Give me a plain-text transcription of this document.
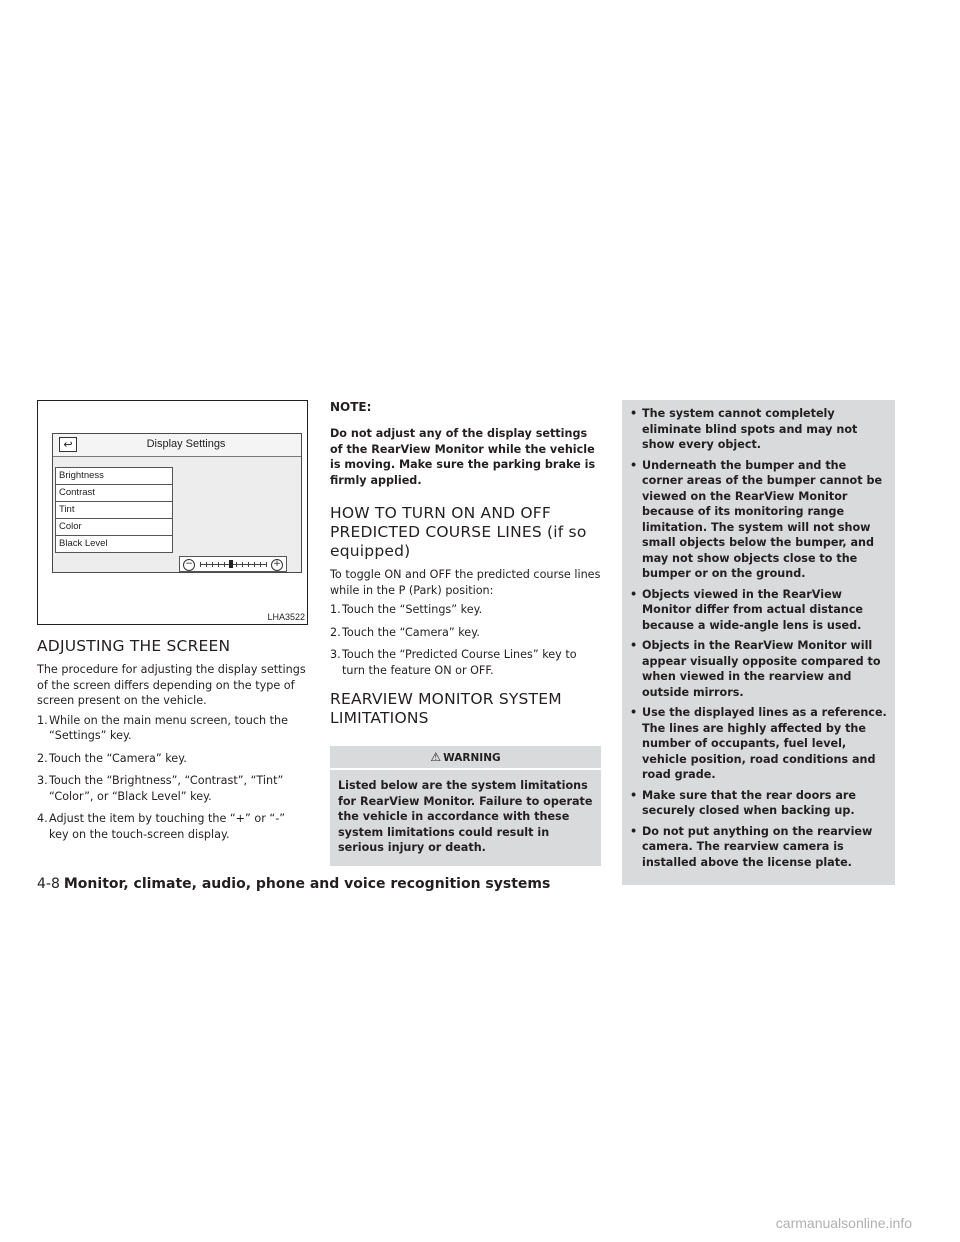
↩	Display Settings
Brightness
Contrast
Tint
Color
Black Level
−	+
LHA3522
ADJUSTING THE SCREEN

The procedure for adjusting the display settings of the screen differs depending on the type of screen present on the vehicle.

1. While on the main menu screen, touch the “Settings” key.
2. Touch the “Camera” key.
3. Touch the “Brightness”, “Contrast”, “Tint” “Color”, or “Black Level” key.
4. Adjust the item by touching the “+” or “-” key on the touch-screen display.
NOTE:

Do not adjust any of the display settings of the RearView Monitor while the vehicle is moving. Make sure the parking brake is firmly applied.

HOW TO TURN ON AND OFF PREDICTED COURSE LINES (if so equipped)

To toggle ON and OFF the predicted course lines while in the P (Park) position:

1. Touch the “Settings” key.
2. Touch the “Camera” key.
3. Touch the “Predicted Course Lines” key to turn the feature ON or OFF.
REARVIEW MONITOR SYSTEM LIMITATIONS
⚠ WARNING

Listed below are the system limitations for RearView Monitor. Failure to operate the vehicle in accordance with these system limitations could result in serious injury or death.

• The system cannot completely eliminate blind spots and may not show every object.
• Underneath the bumper and the corner areas of the bumper cannot be viewed on the RearView Monitor because of its monitoring range limitation. The system will not show small objects below the bumper, and may not show objects close to the bumper or on the ground.
• Objects viewed in the RearView Monitor differ from actual distance because a wide-angle lens is used.
• Objects in the RearView Monitor will appear visually opposite compared to when viewed in the rearview and outside mirrors.
• Use the displayed lines as a reference. The lines are highly affected by the number of occupants, fuel level, vehicle position, road conditions and road grade.
• Make sure that the rear doors are securely closed when backing up.
• Do not put anything on the rearview camera. The rearview camera is installed above the license plate.
4-8 Monitor, climate, audio, phone and voice recognition systems
carmanualsonline.info
